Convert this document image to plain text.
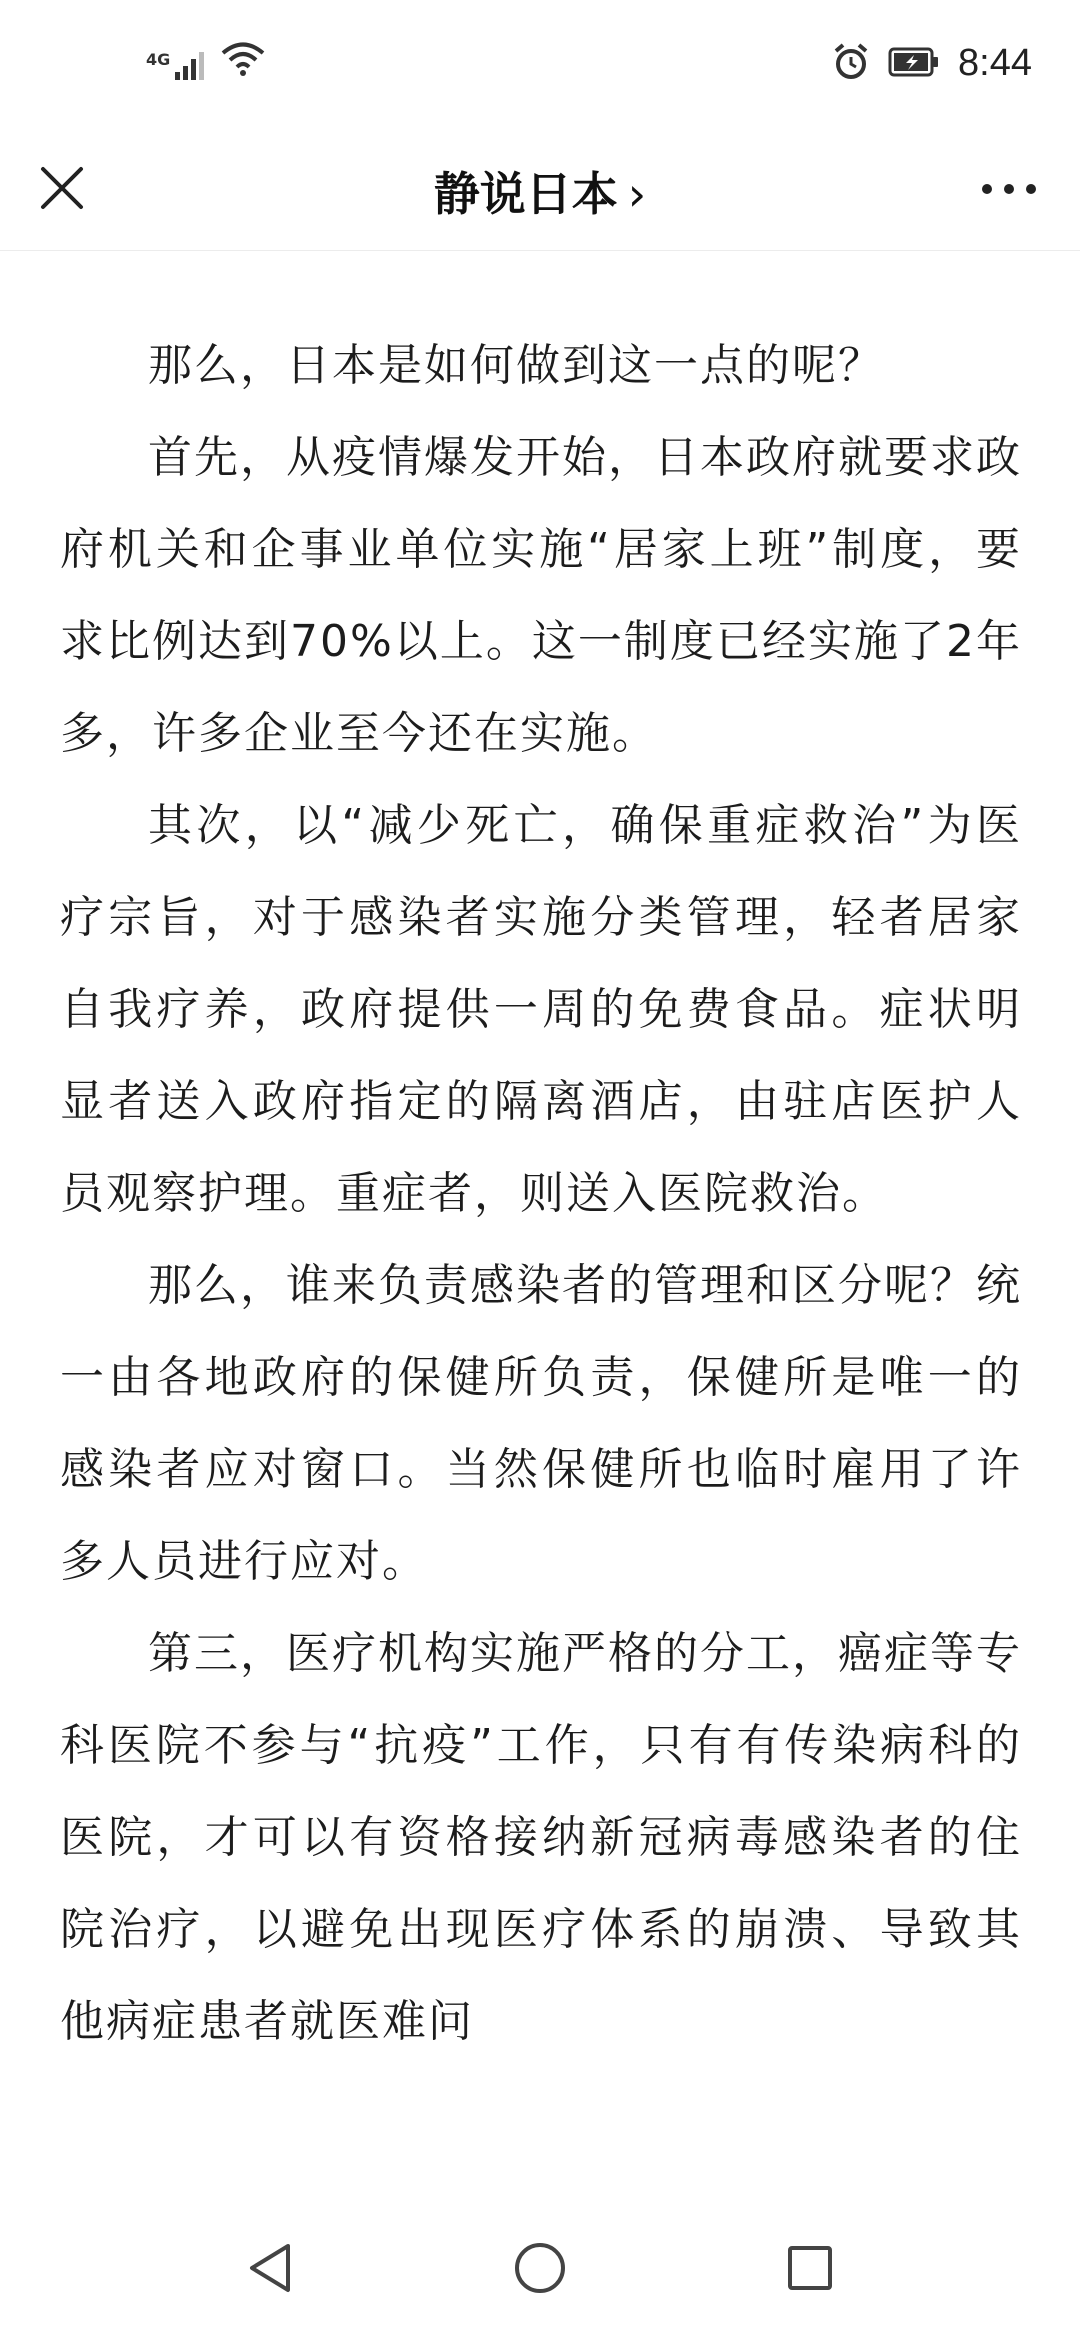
4G	8:44
静说日本 ›

那么，日本是如何做到这一点的呢？

首先，从疫情爆发开始，日本政府就要求政府机关和企事业单位实施“居家上班”制度，要求比例达到70%以上。这一制度已经实施了2年多，许多企业至今还在实施。

其次，以“减少死亡，确保重症救治”为医疗宗旨，对于感染者实施分类管理，轻者居家自我疗养，政府提供一周的免费食品。症状明显者送入政府指定的隔离酒店，由驻店医护人员观察护理。重症者，则送入医院救治。

那么，谁来负责感染者的管理和区分呢？统一由各地政府的保健所负责，保健所是唯一的感染者应对窗口。当然保健所也临时雇用了许多人员进行应对。

第三，医疗机构实施严格的分工，癌症等专科医院不参与“抗疫”工作，只有有传染病科的医院，才可以有资格接纳新冠病毒感染者的住院治疗，以避免出现医疗体系的崩溃、导致其他病症患者就医难问
